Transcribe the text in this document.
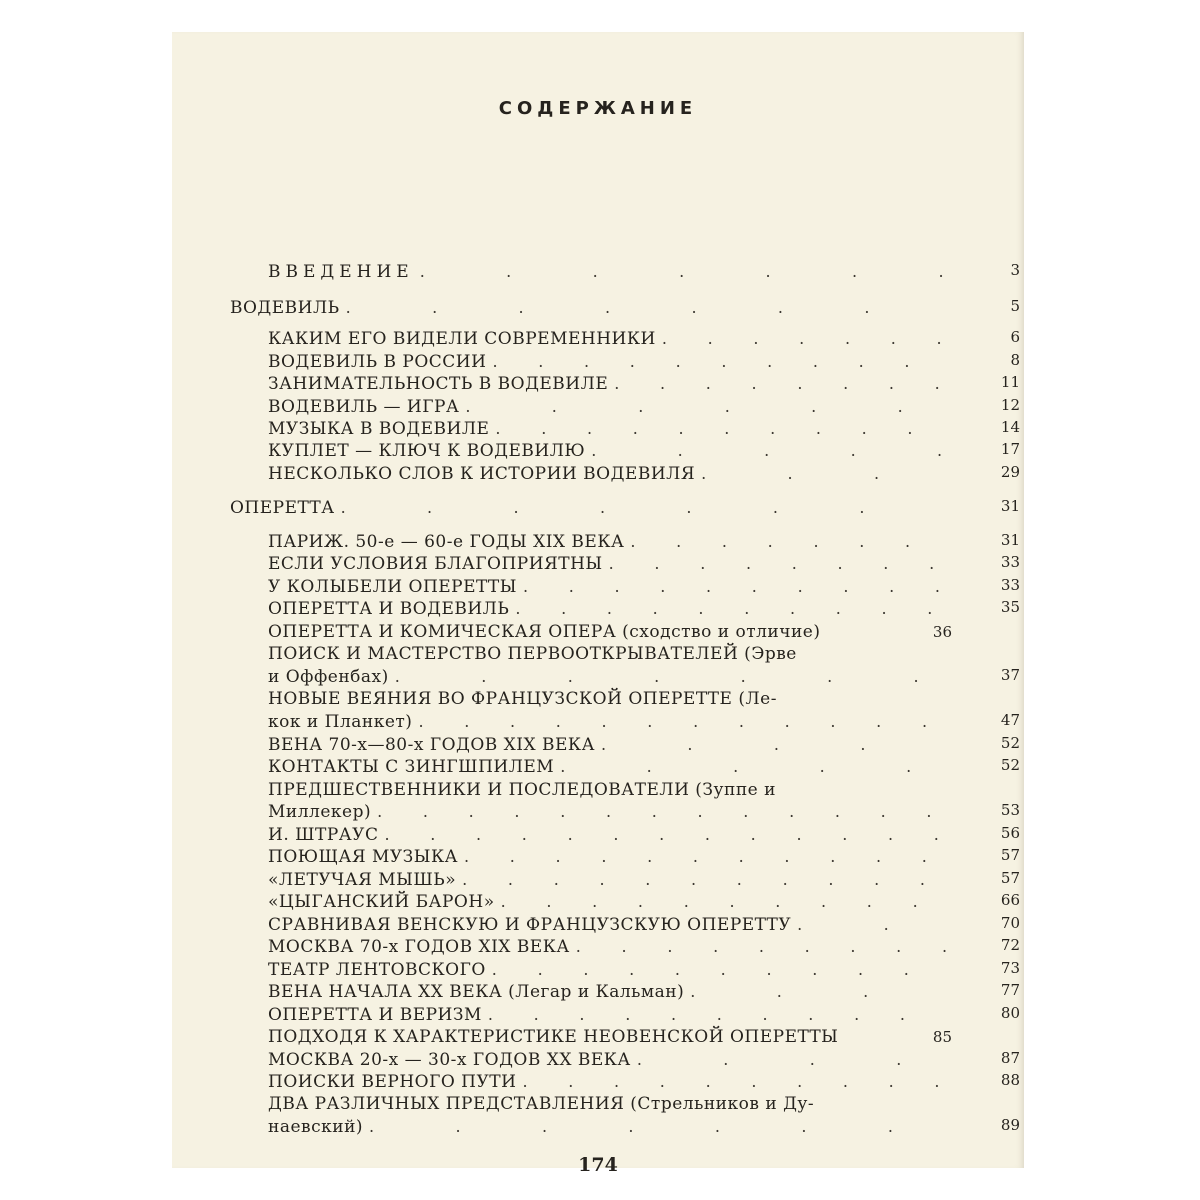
СОДЕРЖАНИЕ
ВВЕДЕНИЕ .	3
ВОДЕВИЛЬ .	5
КАКИМ ЕГО ВИДЕЛИ СОВРЕМЕННИКИ .	6
ВОДЕВИЛЬ В РОССИИ .	8
ЗАНИМАТЕЛЬНОСТЬ В ВОДЕВИЛЕ .	11
ВОДЕВИЛЬ — ИГРА .	12
МУЗЫКА В ВОДЕВИЛЕ .	14
КУПЛЕТ — КЛЮЧ К ВОДЕВИЛЮ .	17
НЕСКОЛЬКО СЛОВ К ИСТОРИИ ВОДЕВИЛЯ .	29
ОПЕРЕТТА .	31
ПАРИЖ. 50-е — 60-е ГОДЫ XIX ВЕКА .	31
ЕСЛИ УСЛОВИЯ БЛАГОПРИЯТНЫ .	33
У КОЛЫБЕЛИ ОПЕРЕТТЫ .	33
ОПЕРЕТТА И ВОДЕВИЛЬ .	35
ОПЕРЕТТА И КОМИЧЕСКАЯ ОПЕРА (сходство и отличие)	36
ПОИСК И МАСТЕРСТВО ПЕРВООТКРЫВАТЕЛЕЙ (Эрве
и Оффенбах) .	37
НОВЫЕ ВЕЯНИЯ ВО ФРАНЦУЗСКОЙ ОПЕРЕТТЕ (Ле-
кок и Планкет) .	47
ВЕНА 70-х—80-х ГОДОВ XIX ВЕКА .	52
КОНТАКТЫ С ЗИНГШПИЛЕМ .	52
ПРЕДШЕСТВЕННИКИ И ПОСЛЕДОВАТЕЛИ (Зуппе и
Миллекер) .	53
И. ШТРАУС .	56
ПОЮЩАЯ МУЗЫКА .	57
«ЛЕТУЧАЯ МЫШЬ» .	57
«ЦЫГАНСКИЙ БАРОН» .	66
СРАВНИВАЯ ВЕНСКУЮ И ФРАНЦУЗСКУЮ ОПЕРЕТТУ .	70
МОСКВА 70-х ГОДОВ XIX ВЕКА .	72
ТЕАТР ЛЕНТОВСКОГО .	73
ВЕНА НАЧАЛА XX ВЕКА (Легар и Кальман) .	77
ОПЕРЕТТА И ВЕРИЗМ .	80
ПОДХОДЯ К ХАРАКТЕРИСТИКЕ НЕОВЕНСКОЙ ОПЕРЕТТЫ	85
МОСКВА 20-х — 30-х ГОДОВ XX ВЕКА .	87
ПОИСКИ ВЕРНОГО ПУТИ .	88
ДВА РАЗЛИЧНЫХ ПРЕДСТАВЛЕНИЯ (Стрельников и Ду-
наевский) .	89
174
